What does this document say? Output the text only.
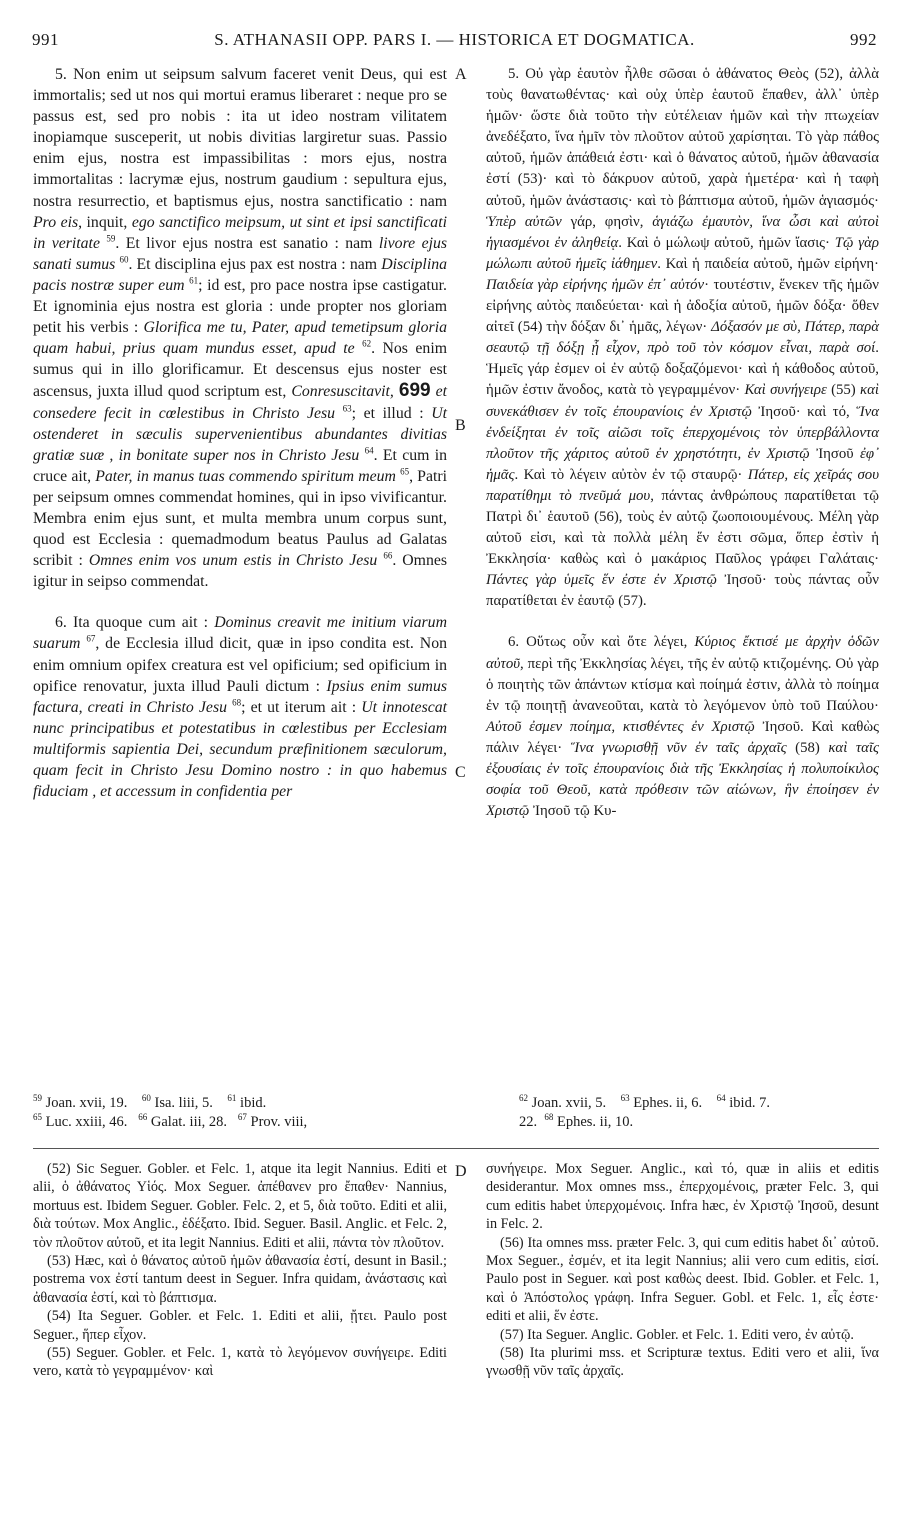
991	S. ATHANASII OPP. PARS I. — HISTORICA ET DOGMATICA.	992

5. Non enim ut seipsum salvum faceret venit Deus, qui est immortalis; sed ut nos qui mortui eramus liberaret : neque pro se passus est, sed pro nobis : ita ut ideo nostram vilitatem inopiamque susceperit, ut nobis divitias largiretur suas. Passio enim ejus, nostra est impassibilitas : mors ejus, nostra immortalitas : lacrymæ ejus, nostrum gaudium : sepultura ejus, nostra resurrectio, et baptismus ejus, nostra sanctificatio : nam Pro eis, inquit, ego sanctifico meipsum, ut sint et ipsi sanctificati in veritate $^{59}$. Et livor ejus nostra est sanatio : nam livore ejus sanati sumus $^{60}$. Et disciplina ejus pax est nostra : nam Disciplina pacis nostræ super eum $^{61}$; id est, pro pace nostra ipse castigatur. Et ignominia ejus nostra est gloria : unde propter nos gloriam petit his verbis : Glorifica me tu, Pater, apud temetipsum gloria quam habui, prius quam mundus esset, apud te $^{62}$. Nos enim sumus qui in illo glorificamur. Et descensus ejus noster est ascensus, juxta illud quod scriptum est, Conresuscitavit, 699 et consedere fecit in cœlestibus in Christo Jesu $^{63}$; et illud : Ut ostenderet in sæculis supervenientibus abundantes divitias gratiæ suæ , in bonitate super nos in Christo Jesu $^{64}$. Et cum in cruce ait, Pater, in manus tuas commendo spiritum meum $^{65}$, Patri per seipsum omnes commendat homines, qui in ipso vivificantur. Membra enim ejus sunt, et multa membra unum corpus sunt, quod est Ecclesia : quemadmodum beatus Paulus ad Galatas scribit : Omnes enim vos unum estis in Christo Jesu $^{66}$. Omnes igitur in seipso commendat.

6. Ita quoque cum ait : Dominus creavit me initium viarum suarum $^{67}$, de Ecclesia illud dicit, quæ in ipso condita est. Non enim omnium opifex creatura est vel opificium; sed opificium in opifice renovatur, juxta illud Pauli dictum : Ipsius enim sumus factura, creati in Christo Jesu $^{68}$; et ut iterum ait : Ut innotescat nunc principatibus et potestatibus in cœlestibus per Ecclesiam multiformis sapientia Dei, secundum præfinitionem sæculorum, quam fecit in Christo Jesu Domino nostro : in quo habemus fiduciam , et accessum in confidentia per

A
B
C
D

5. Οὐ γὰρ ἑαυτὸν ἦλθε σῶσαι ὁ ἀθάνατος Θεὸς (52), ἀλλὰ τοὺς θανατωθέντας· καὶ οὐχ ὑπὲρ ἑαυτοῦ ἔπαθεν, ἀλλ᾽ ὑπὲρ ἡμῶν· ὥστε διὰ τοῦτο τὴν εὐτέλειαν ἡμῶν καὶ τὴν πτωχείαν ἀνεδέξατο, ἵνα ἡμῖν τὸν πλοῦτον αὐτοῦ χαρίσηται. Τὸ γὰρ πάθος αὐτοῦ, ἡμῶν ἀπάθειά ἐστι· καὶ ὁ θάνατος αὐτοῦ, ἡμῶν ἀθανασία ἐστί (53)· καὶ τὸ δάκρυον αὐτοῦ, χαρὰ ἡμετέρα· καὶ ἡ ταφὴ αὐτοῦ, ἡμῶν ἀνάστασις· καὶ τὸ βάπτισμα αὐτοῦ, ἡμῶν ἁγιασμός· Ὑπὲρ αὐτῶν γάρ, φησὶν, ἁγιάζω ἐμαυτὸν, ἵνα ὦσι καὶ αὐτοὶ ἡγιασμένοι ἐν ἀληθείᾳ. Καὶ ὁ μώλωψ αὐτοῦ, ἡμῶν ἴασις· Τῷ γὰρ μώλωπι αὐτοῦ ἡμεῖς ἰάθημεν. Καὶ ἡ παιδεία αὐτοῦ, ἡμῶν εἰρήνη· Παιδεία γὰρ εἰρήνης ἡμῶν ἐπ᾽ αὐτόν· τουτέστιν, ἕνεκεν τῆς ἡμῶν εἰρήνης αὐτὸς παιδεύεται· καὶ ἡ ἀδοξία αὐτοῦ, ἡμῶν δόξα· ὅθεν αἰτεῖ (54) τὴν δόξαν δι᾽ ἡμᾶς, λέγων· Δόξασόν με σὺ, Πάτερ, παρὰ σεαυτῷ τῇ δόξῃ ᾗ εἶχον, πρὸ τοῦ τὸν κόσμον εἶναι, παρὰ σοί. Ἡμεῖς γάρ ἐσμεν οἱ ἐν αὐτῷ δοξαζόμενοι· καὶ ἡ κάθοδος αὐτοῦ, ἡμῶν ἐστιν ἄνοδος, κατὰ τὸ γεγραμμένον· Καὶ συνήγειρε (55) καὶ συνεκάθισεν ἐν τοῖς ἐπουρανίοις ἐν Χριστῷ Ἰησοῦ· καὶ τό, Ἵνα ἐνδείξηται ἐν τοῖς αἰῶσι τοῖς ἐπερχομένοις τὸν ὑπερβάλλοντα πλοῦτον τῆς χάριτος αὐτοῦ ἐν χρηστότητι, ἐν Χριστῷ Ἰησοῦ ἐφ᾽ ἡμᾶς. Καὶ τὸ λέγειν αὐτὸν ἐν τῷ σταυρῷ· Πάτερ, εἰς χεῖράς σου παρατίθημι τὸ πνεῦμά μου, πάντας ἀνθρώπους παρατίθεται τῷ Πατρὶ δι᾽ ἑαυτοῦ (56), τοὺς ἐν αὐτῷ ζωοποιουμένους. Μέλη γὰρ αὐτοῦ εἰσι, καὶ τὰ πολλὰ μέλη ἕν ἐστι σῶμα, ὅπερ ἐστὶν ἡ Ἐκκλησία· καθὼς καὶ ὁ μακάριος Παῦλος γράφει Γαλάταις· Πάντες γὰρ ὑμεῖς ἕν ἐστε ἐν Χριστῷ Ἰησοῦ· τοὺς πάντας οὖν παρατίθεται ἐν ἑαυτῷ (57).

6. Οὕτως οὖν καὶ ὅτε λέγει, Κύριος ἔκτισέ με ἀρχὴν ὁδῶν αὐτοῦ, περὶ τῆς Ἐκκλησίας λέγει, τῆς ἐν αὐτῷ κτιζομένης. Οὐ γὰρ ὁ ποιητὴς τῶν ἁπάντων κτίσμα καὶ ποίημά ἐστιν, ἀλλὰ τὸ ποίημα ἐν τῷ ποιητῇ ἀνανεοῦται, κατὰ τὸ λεγόμενον ὑπὸ τοῦ Παύλου· Αὐτοῦ ἐσμεν ποίημα, κτισθέντες ἐν Χριστῷ Ἰησοῦ. Καὶ καθὼς πάλιν λέγει· Ἵνα γνωρισθῇ νῦν ἐν ταῖς ἀρχαῖς (58) καὶ ταῖς ἐξουσίαις ἐν τοῖς ἐπουρανίοις διὰ τῆς Ἐκκλησίας ἡ πολυποίκιλος σοφία τοῦ Θεοῦ, κατὰ πρόθεσιν τῶν αἰώνων, ἣν ἐποίησεν ἐν Χριστῷ Ἰησοῦ τῷ Κυ-

$^{59}$ Joan. xvii, 19. $^{60}$ Isa. liii, 5. $^{61}$ ibid.
$^{65}$ Luc. xxiii, 46. $^{66}$ Galat. iii, 28. $^{67}$ Prov. viii,
$^{62}$ Joan. xvii, 5. $^{63}$ Ephes. ii, 6. $^{64}$ ibid. 7.
22. $^{68}$ Ephes. ii, 10.

(52) Sic Seguer. Gobler. et Felc. 1, atque ita legit Nannius. Editi et alii, ὁ ἀθάνατος Υἱός. Mox Seguer. ἀπέθανεν pro ἔπαθεν· Nannius, mortuus est. Ibidem Seguer. Gobler. Felc. 2, et 5, διὰ τοῦτο. Editi et alii, διὰ τούτων. Mox Anglic., ἐδέξατο. Ibid. Seguer. Basil. Anglic. et Felc. 2, τὸν πλοῦτον αὐτοῦ, et ita legit Nannius. Editi et alii, πάντα τὸν πλοῦτον.

(53) Hæc, καὶ ὁ θάνατος αὐτοῦ ἡμῶν ἀθανασία ἐστί, desunt in Basil.; postrema vox ἐστί tantum deest in Seguer. Infra quidam, ἀνάστασις καὶ ἀθανασία ἐστί, καὶ τὸ βάπτισμα.

(54) Ita Seguer. Gobler. et Felc. 1. Editi et alii, ᾔτει. Paulo post Seguer., ἥπερ εἶχον.

(55) Seguer. Gobler. et Felc. 1, κατὰ τὸ λεγόμενον συνήγειρε. Editi vero, κατὰ τὸ γεγραμμένον· καὶ

συνήγειρε. Mox Seguer. Anglic., καὶ τό, quæ in aliis et editis desiderantur. Mox omnes mss., ἐπερχομένοις, præter Felc. 3, qui cum editis habet ὑπερχομένοις. Infra hæc, ἐν Χριστῷ Ἰησοῦ, desunt in Felc. 2.

(56) Ita omnes mss. præter Felc. 3, qui cum editis habet δι᾽ αὐτοῦ. Mox Seguer., ἐσμέν, et ita legit Nannius; alii vero cum editis, εἰσί. Paulo post in Seguer. καὶ post καθὼς deest. Ibid. Gobler. et Felc. 1, καὶ ὁ Ἀπόστολος γράφη. Infra Seguer. Gobl. et Felc. 1, εἷς ἐστε· editi et alii, ἕν ἐστε.

(57) Ita Seguer. Anglic. Gobler. et Felc. 1. Editi vero, ἐν αὐτῷ.

(58) Ita plurimi mss. et Scripturæ textus. Editi vero et alii, ἵνα γνωσθῇ νῦν ταῖς ἀρχαῖς.
